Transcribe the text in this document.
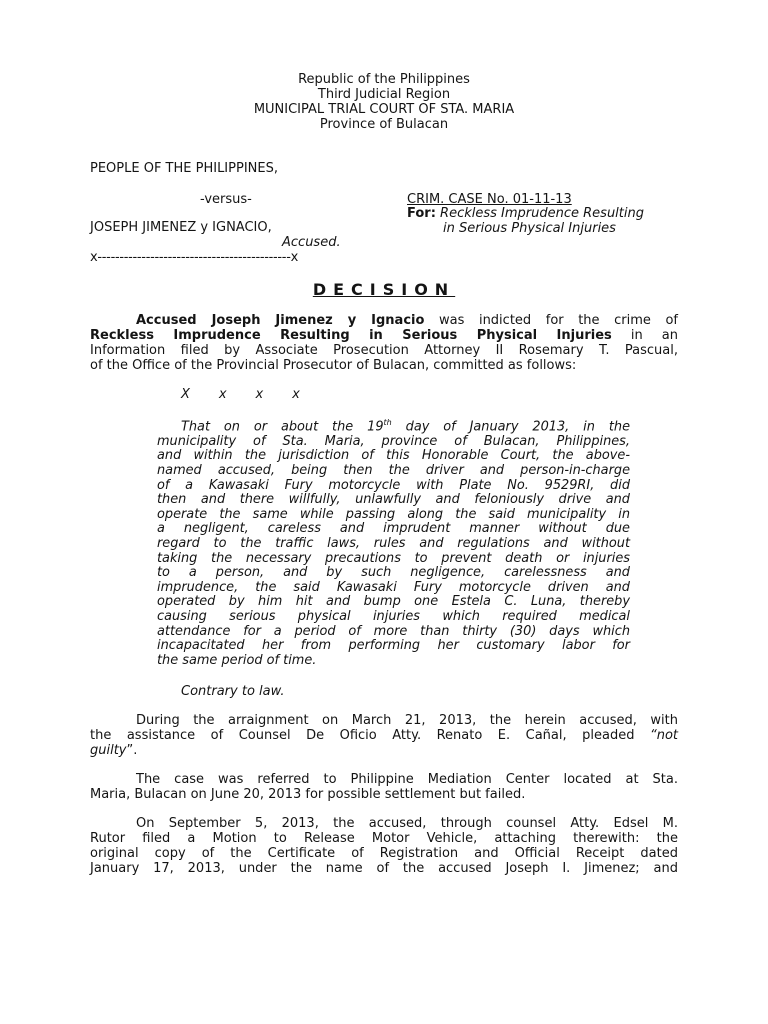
Republic of the Philippines
Third Judicial Region
MUNICIPAL TRIAL COURT OF STA. MARIA
Province of Bulacan
PEOPLE OF THE PHILIPPINES,
-versus-
JOSEPH JIMENEZ y IGNACIO,
Accused.
x--------------------------------------------x
CRIM. CASE No. 01-11-13
For: Reckless Imprudence Resulting
in Serious Physical Injuries
DECISION
Accused Joseph Jimenez y Ignacio was indicted for the crime of
Reckless Imprudence Resulting in Serious Physical Injuries in an
Information filed by Associate Prosecution Attorney II Rosemary T. Pascual,
of the Office of the Provincial Prosecutor of Bulacan, committed as follows:
X       x       x       x
That on or about the 19th day of January 2013, in the
municipality of Sta. Maria, province of Bulacan, Philippines,
and within the jurisdiction of this Honorable Court, the above-
named accused, being then the driver and person-in-charge
of a Kawasaki Fury motorcycle with Plate No. 9529RI, did
then and there willfully, unlawfully and feloniously drive and
operate the same while passing along the said municipality in
a negligent, careless and imprudent manner without due
regard to the traffic laws, rules and regulations and without
taking the necessary precautions to prevent death or injuries
to a person, and by such negligence, carelessness and
imprudence, the said Kawasaki Fury motorcycle driven and
operated by him hit and bump one Estela C. Luna, thereby
causing serious physical injuries which required medical
attendance for a period of more than thirty (30) days which
incapacitated her from performing her customary labor for
the same period of time.
Contrary to law.
During the arraignment on March 21, 2013, the herein accused, with
the assistance of Counsel De Oficio Atty. Renato E. Cañal, pleaded “not
guilty”.
The case was referred to Philippine Mediation Center located at Sta.
Maria, Bulacan on June 20, 2013 for possible settlement but failed.
On September 5, 2013, the accused, through counsel Atty. Edsel M.
Rutor filed a Motion to Release Motor Vehicle, attaching therewith: the
original copy of the Certificate of Registration and Official Receipt dated
January 17, 2013, under the name of the accused Joseph I. Jimenez; and
